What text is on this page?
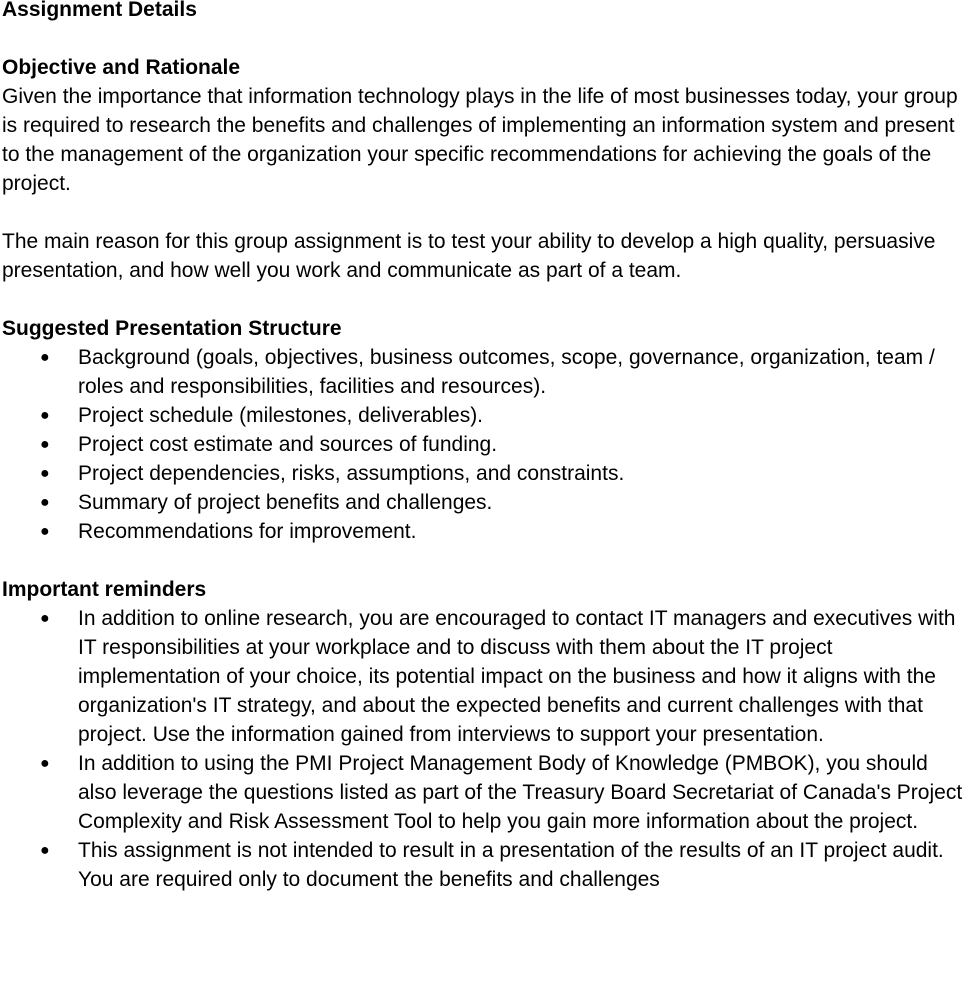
Assignment Details

Objective and Rationale

Given the importance that information technology plays in the life of most businesses today, your group is required to research the benefits and challenges of implementing an information system and present to the management of the organization your specific recommendations for achieving the goals of the project.

The main reason for this group assignment is to test your ability to develop a high quality, persuasive presentation, and how well you work and communicate as part of a team.

Suggested Presentation Structure

● Background (goals, objectives, business outcomes, scope, governance, organization, team / roles and responsibilities, facilities and resources).
● Project schedule (milestones, deliverables).
● Project cost estimate and sources of funding.
● Project dependencies, risks, assumptions, and constraints.
● Summary of project benefits and challenges.
● Recommendations for improvement.

Important reminders

● In addition to online research, you are encouraged to contact IT managers and executives with IT responsibilities at your workplace and to discuss with them about the IT project implementation of your choice, its potential impact on the business and how it aligns with the organization's IT strategy, and about the expected benefits and current challenges with that project. Use the information gained from interviews to support your presentation.
● In addition to using the PMI Project Management Body of Knowledge (PMBOK), you should also leverage the questions listed as part of the Treasury Board Secretariat of Canada's Project Complexity and Risk Assessment Tool to help you gain more information about the project.
● This assignment is not intended to result in a presentation of the results of an IT project audit. You are required only to document the benefits and challenges
